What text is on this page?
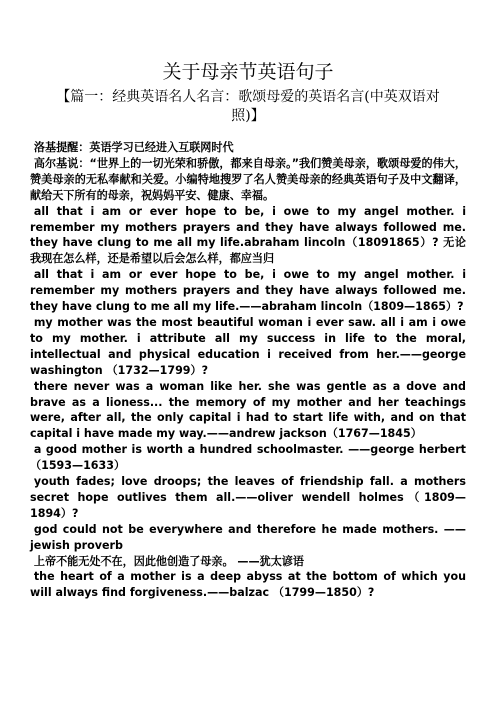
关于母亲节英语句子
【篇一：经典英语名人名言：歌颂母爱的英语名言(中英双语对照)】

洛基提醒：英语学习已经进入互联网时代

高尔基说：“世界上的一切光荣和骄傲，都来自母亲。”我们赞美母亲，歌颂母爱的伟大，赞美母亲的无私奉献和关爱。小编特地搜罗了名人赞美母亲的经典英语句子及中文翻译，献给天下所有的母亲，祝妈妈平安、健康、幸福。

all that i am or ever hope to be, i owe to my angel mother. i remember my mothers prayers and they have always followed me. they have clung to me all my life.abraham lincoln（18091865）? 无论我现在怎么样，还是希望以后会怎么样，都应当归

all that i am or ever hope to be, i owe to my angel mother. i remember my mothers prayers and they have always followed me. they have clung to me all my life.——abraham lincoln（1809—1865）?

my mother was the most beautiful woman i ever saw. all i am i owe to my mother. i attribute all my success in life to the moral, intellectual and physical education i received from her.——george washington （1732—1799）?

there never was a woman like her. she was gentle as a dove and brave as a lioness... the memory of my mother and her teachings were, after all, the only capital i had to start life with, and on that capital i have made my way.——andrew jackson（1767—1845）

a good mother is worth a hundred schoolmaster. ——george herbert（1593—1633）

youth fades; love droops; the leaves of friendship fall. a mothers secret hope outlives them all.——oliver wendell holmes（1809—1894）?

god could not be everywhere and therefore he made mothers. ——jewish proverb

上帝不能无处不在，因此他创造了母亲。 ——犹太谚语

the heart of a mother is a deep abyss at the bottom of which you will always find forgiveness.——balzac （1799—1850）?
